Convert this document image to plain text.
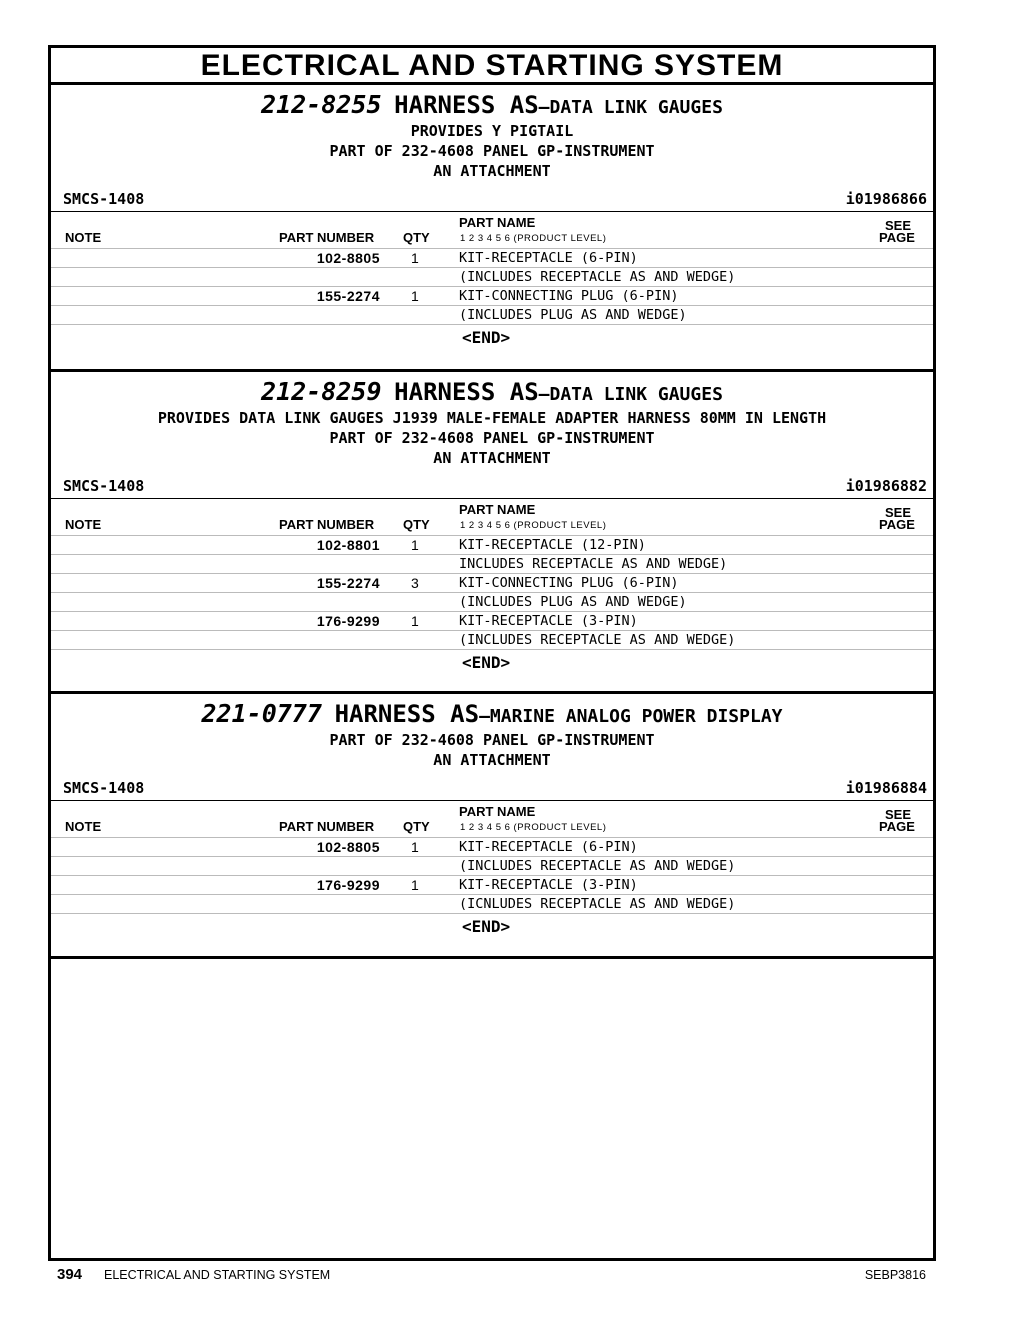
ELECTRICAL AND STARTING SYSTEM
212-8255 HARNESS AS—DATA LINK GAUGES
PROVIDES Y PIGTAIL
PART OF 232-4608 PANEL GP-INSTRUMENT
AN ATTACHMENT
SMCS-1408	i01986866
NOTE	PART NUMBER QTY
PART NAME
1 2 3 4 5 6 (PRODUCT LEVEL)
SEE
PAGE
102-8805 1	KIT-RECEPTACLE (6-PIN)
(INCLUDES RECEPTACLE AS AND WEDGE)
155-2274 1	KIT-CONNECTING PLUG (6-PIN)
(INCLUDES PLUG AS AND WEDGE)
<END>
212-8259 HARNESS AS—DATA LINK GAUGES
PROVIDES DATA LINK GAUGES J1939 MALE-FEMALE ADAPTER HARNESS 80MM IN LENGTH
PART OF 232-4608 PANEL GP-INSTRUMENT
AN ATTACHMENT
SMCS-1408	i01986882
NOTE	PART NUMBER QTY
PART NAME
1 2 3 4 5 6 (PRODUCT LEVEL)
SEE
PAGE
102-8801 1	KIT-RECEPTACLE (12-PIN)
INCLUDES RECEPTACLE AS AND WEDGE)
155-2274 3	KIT-CONNECTING PLUG (6-PIN)
(INCLUDES PLUG AS AND WEDGE)
176-9299 1	KIT-RECEPTACLE (3-PIN)
(INCLUDES RECEPTACLE AS AND WEDGE)
<END>
221-0777 HARNESS AS—MARINE ANALOG POWER DISPLAY
PART OF 232-4608 PANEL GP-INSTRUMENT
AN ATTACHMENT
SMCS-1408	i01986884
NOTE	PART NUMBER QTY
PART NAME
1 2 3 4 5 6 (PRODUCT LEVEL)
SEE
PAGE
102-8805 1	KIT-RECEPTACLE (6-PIN)
(INCLUDES RECEPTACLE AS AND WEDGE)
176-9299 1	KIT-RECEPTACLE (3-PIN)
(ICNLUDES RECEPTACLE AS AND WEDGE)
<END>
394 ELECTRICAL AND STARTING SYSTEM	SEBP3816
